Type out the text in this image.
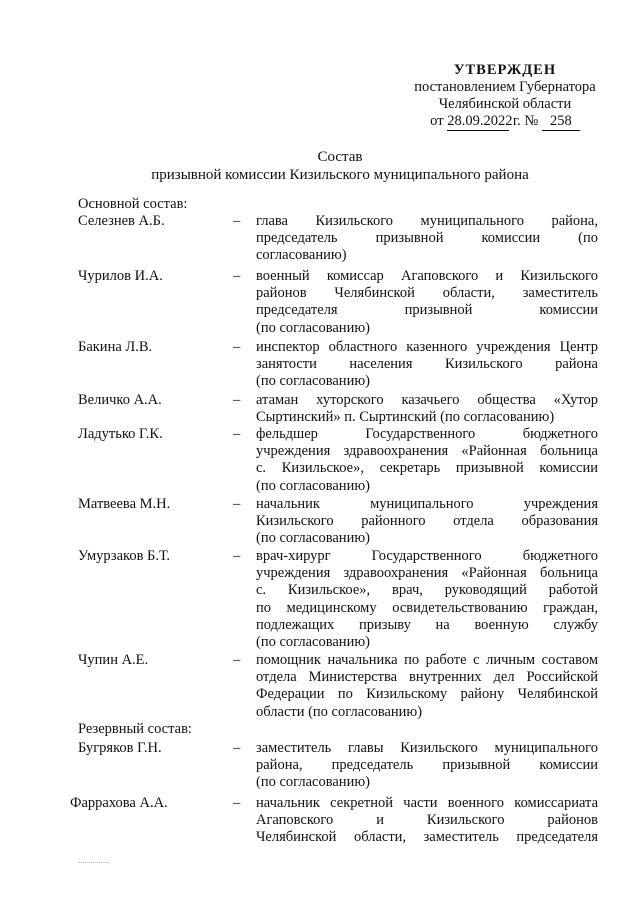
УТВЕРЖДЕН
постановлением Губернатора
Челябинской области
от 28.09.2022 г. № 258
Состав
призывной комиссии Кизильского муниципального района
Основной состав:
Селезнев А.Б.	– глава Кизильского муниципального района,
председатель призывной комиссии (по
согласованию)
Чурилов И.А.	– военный комиссар Агаповского и Кизильского
районов Челябинской области, заместитель
председателя призывной комиссии
(по согласованию)
Бакина Л.В.	– инспектор областного казенного учреждения Центр
занятости населения Кизильского района
(по согласованию)
Величко А.А.	– атаман хуторского казачьего общества «Хутор
Сыртинский» п. Сыртинский (по согласованию)
Ладутько Г.К.	– фельдшер Государственного бюджетного
учреждения здравоохранения «Районная больница
с. Кизильское», секретарь призывной комиссии
(по согласованию)
Матвеева М.Н.	– начальник муниципального учреждения
Кизильского районного отдела образования
(по согласованию)
Умурзаков Б.Т.	– врач-хирург Государственного бюджетного
учреждения здравоохранения «Районная больница
с. Кизильское», врач, руководящий работой
по медицинскому освидетельствованию граждан,
подлежащих призыву на военную службу
(по согласованию)
Чупин А.Е.	– помощник начальника по работе с личным составом
отдела Министерства внутренних дел Российской
Федерации по Кизильскому району Челябинской
области (по согласованию)
Резервный состав:
Бугряков Г.Н.	– заместитель главы Кизильского муниципального
района, председатель призывной комиссии
(по согласованию)
Фаррахова А.А.	– начальник секретной части военного комиссариата
Агаповского и Кизильского районов
Челябинской области, заместитель председателя
